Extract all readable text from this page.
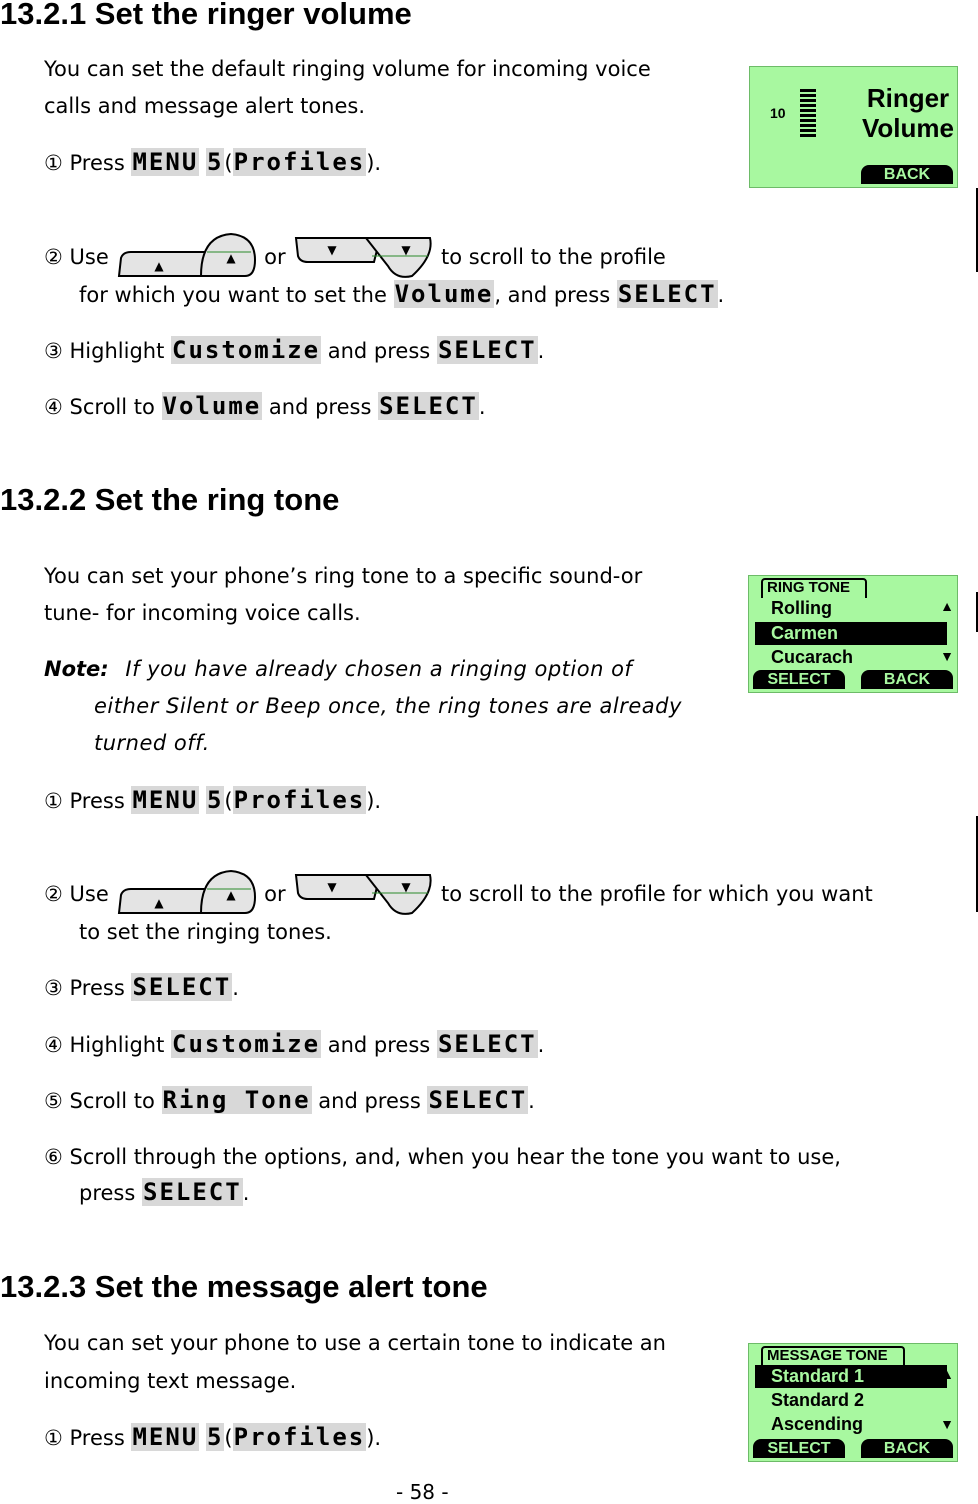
13.2.1 Set the ringer volume

You can set the default ringing volume for incoming voice

calls and message alert tones.

① Press MENU 5(Profiles).
② Use	▲
▲ or	▼	▼ to scroll to the profile
for which you want to set the Volume, and press SELECT.
③ Highlight Customize and press SELECT.
④ Scroll to Volume and press SELECT.
10	Ringer
Volume
BACK
13.2.2 Set the ring tone

You can set your phone’s ring tone to a specific sound-or

tune- for incoming voice calls.

Note: If you have already chosen a ringing option of

either Silent or Beep once, the ring tones are already

turned off.

① Press MENU 5(Profiles).
② Use	▲
▲ or	▼	▼ to scroll to the profile for which you want
to set the ringing tones.
③ Press SELECT.
④ Highlight Customize and press SELECT.
⑤ Scroll to Ring Tone and press SELECT.
⑥ Scroll through the options, and, when you hear the tone you want to use,
press SELECT.
RING TONE
Rolling
Carmen
Cucarach
▲
▼
SELECT	BACK
13.2.3 Set the message alert tone

You can set your phone to use a certain tone to indicate an

incoming text message.

① Press MENU 5(Profiles).
MESSAGE TONE
Standard 1
Standard 2
Ascending
▲
▼
SELECT	BACK
- 58 -
